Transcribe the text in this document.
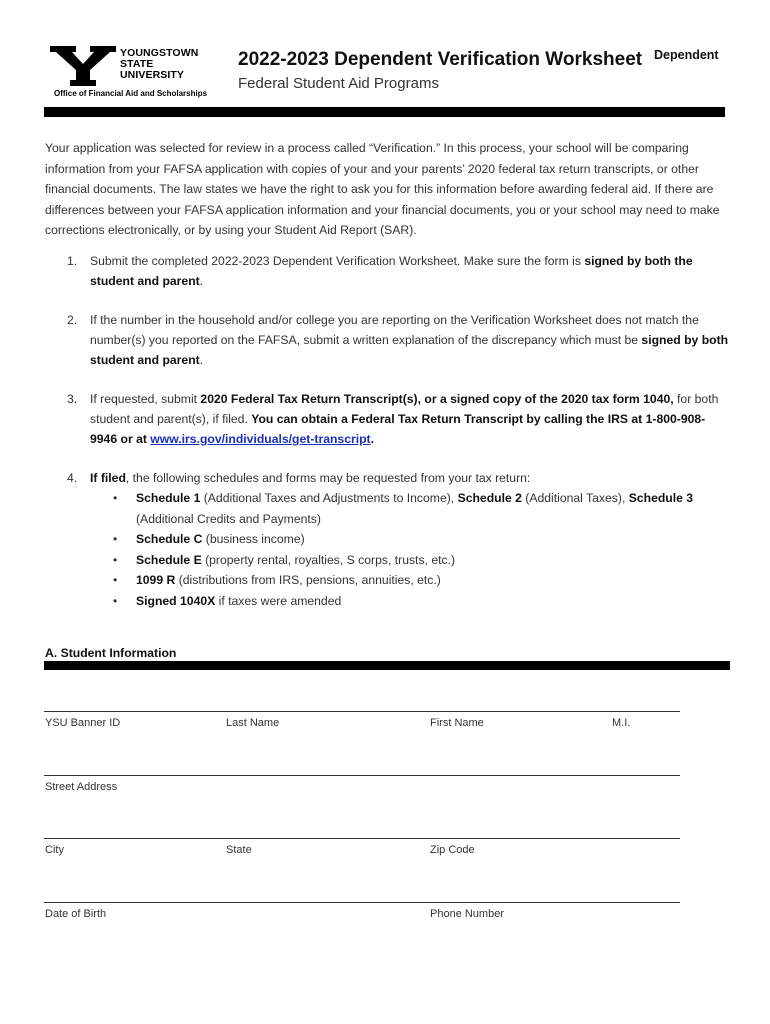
YOUNGSTOWN
STATE
UNIVERSITY
Office of Financial Aid and Scholarships
2022-2023 Dependent Verification Worksheet
Federal Student Aid Programs
Dependent
Your application was selected for review in a process called “Verification.” In this process, your school will be comparing information from your FAFSA application with copies of your and your parents’ 2020 federal tax return transcripts, or other financial documents. The law states we have the right to ask you for this information before awarding federal aid. If there are differences between your FAFSA application information and your financial documents, you or your school may need to make corrections electronically, or by using your Student Aid Report (SAR).
1. Submit the completed 2022-2023 Dependent Verification Worksheet. Make sure the form is signed by both the student and parent.
2. If the number in the household and/or college you are reporting on the Verification Worksheet does not match the number(s) you reported on the FAFSA, submit a written explanation of the discrepancy which must be signed by both student and parent.
3. If requested, submit 2020 Federal Tax Return Transcript(s), or a signed copy of the 2020 tax form 1040, for both student and parent(s), if filed. You can obtain a Federal Tax Return Transcript by calling the IRS at 1-800-908-9946 or at www.irs.gov/individuals/get-transcript.
4. If filed, the following schedules and forms may be requested from your tax return:
• Schedule 1 (Additional Taxes and Adjustments to Income), Schedule 2 (Additional Taxes), Schedule 3 (Additional Credits and Payments)
• Schedule C (business income)
• Schedule E (property rental, royalties, S corps, trusts, etc.)
• 1099 R (distributions from IRS, pensions, annuities, etc.)
• Signed 1040X if taxes were amended
A. Student Information
YSU Banner ID	Last Name	First Name	M.I.
Street Address
City	State	Zip Code
Date of Birth	Phone Number
